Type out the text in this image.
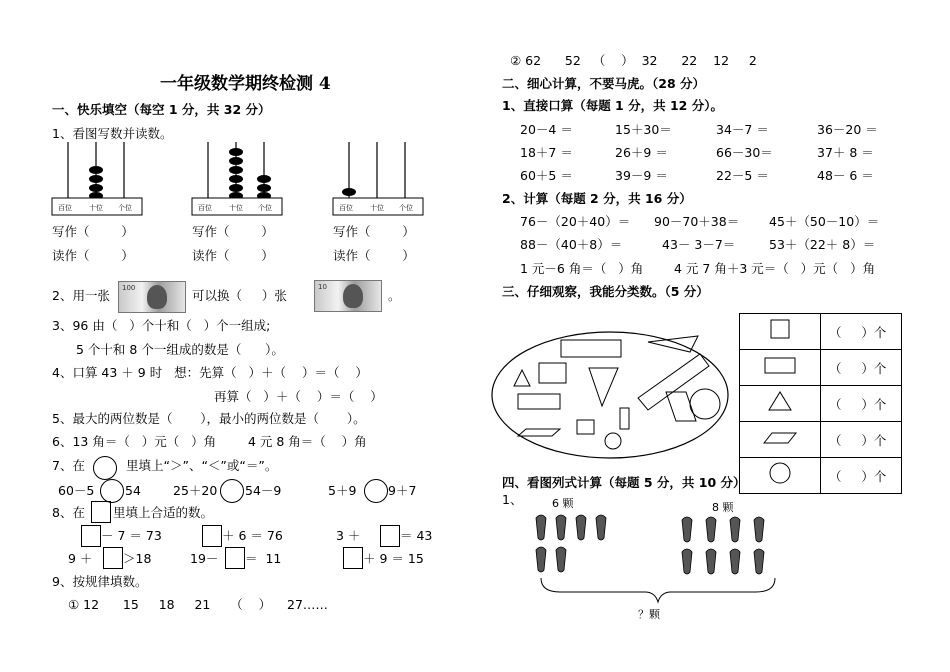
一年级数学期终检测 4
一、快乐填空（每空 1 分，共 32 分）
1、看图写数并读数。
百位 十位 个位	百位 十位 个位	百位 十位 个位
写作（        ）	写作（        ）	写作（        ）
读作（        ）	读作（        ）	读作（        ）
2、用一张 100	可以换（     ）张
10
。
3、96 由（   ）个十和（   ）个一组成;
5 个十和 8 个一组成的数是（      ）。
4、口算 43 ＋ 9 时   想：先算（   ）＋（    ）＝（    ）
再算（   ）＋（    ）＝（    ）
5、最大的两位数是（       ），最小的两位数是（       ）。
6、13 角＝（   ）元（   ）角        4 元 8 角＝（    ）角
7、在	里填上“＞”、“＜”或“＝”。
60－5 54	25＋20 54－9	5＋9	9＋7
8、在 里填上合适的数。
－ 7 ＝ 73	＋ 6 ＝ 76	3 ＋	＝ 43
9 ＋ ＞18	19－ ＝  11	＋ 9 ＝ 15
9、按规律填数。
① 12      15     18     21     （    ）    27……
② 62      52   （    ）  32      22    12     2
二、细心计算，不要马虎。（28 分）
1、直接口算（每题 1 分，共 12 分）。
20－4 ＝	15＋30＝	34－7 ＝	36－20 ＝
18＋7 ＝	26＋9 ＝	66－30＝	37＋ 8 ＝
60＋5 ＝	39－9 ＝	22－5 ＝	48－ 6 ＝
2、计算（每题 2 分，共 16 分）
76－（20＋40）＝ 90－70＋38＝ 45＋（50－10）＝
88－（40＋8）＝	43－ 3－7＝	53＋（22＋ 8）＝
1 元－6 角＝（   ）角 4 元 7 角＋3 元＝（   ）元（   ）角
三、仔细观察，我能分类数。（5 分）
	（     ）个
	（     ）个
	（     ）个
	（     ）个
	（     ）个
四、看图列式计算（每题 5 分，共 10 分）
1、	6 颗	8 颗
？颗
